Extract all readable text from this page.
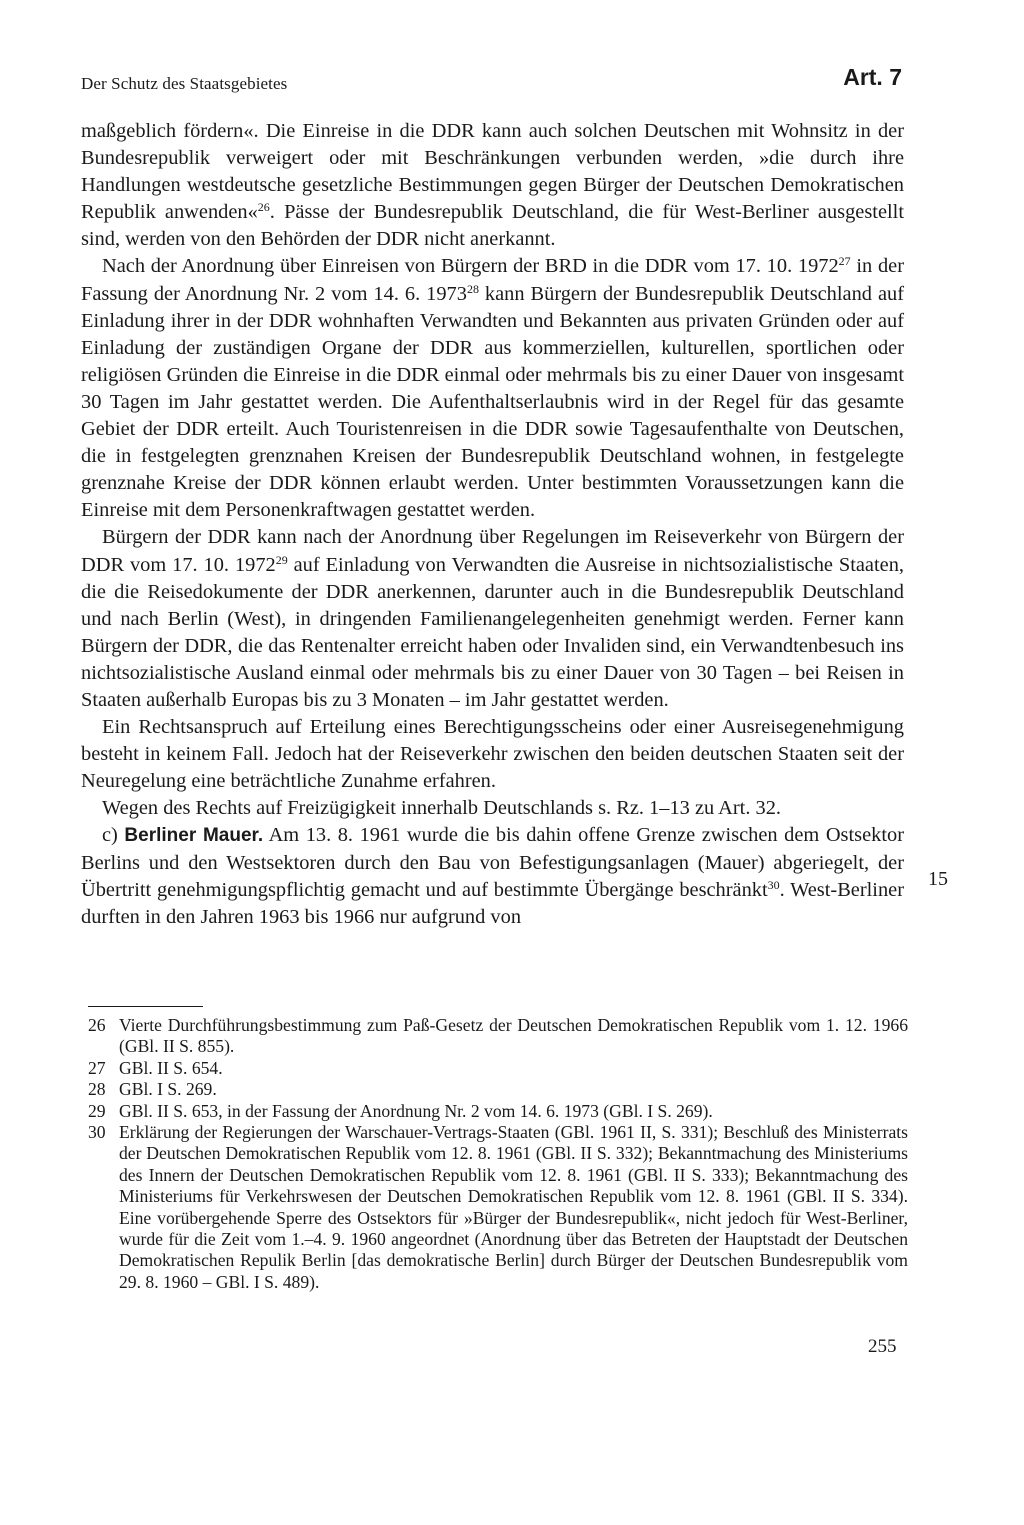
Der Schutz des Staatsgebietes	Art. 7

maßgeblich fördern«. Die Einreise in die DDR kann auch solchen Deutschen mit Wohnsitz in der Bundesrepublik verweigert oder mit Beschränkungen verbunden werden, »die durch ihre Handlungen westdeutsche gesetzliche Bestimmungen gegen Bürger der Deutschen Demokratischen Republik anwenden«$^{26}$. Pässe der Bundesrepublik Deutschland, die für West-Berliner ausgestellt sind, werden von den Behörden der DDR nicht anerkannt.

Nach der Anordnung über Einreisen von Bürgern der BRD in die DDR vom 17. 10. 1972$^{27}$ in der Fassung der Anordnung Nr. 2 vom 14. 6. 1973$^{28}$ kann Bürgern der Bundesrepublik Deutschland auf Einladung ihrer in der DDR wohnhaften Verwandten und Bekannten aus privaten Gründen oder auf Einladung der zuständigen Organe der DDR aus kommerziellen, kulturellen, sportlichen oder religiösen Gründen die Einreise in die DDR einmal oder mehrmals bis zu einer Dauer von insgesamt 30 Tagen im Jahr gestattet werden. Die Aufenthaltserlaubnis wird in der Regel für das gesamte Gebiet der DDR erteilt. Auch Touristenreisen in die DDR sowie Tagesaufenthalte von Deutschen, die in festgelegten grenznahen Kreisen der Bundesrepublik Deutschland wohnen, in festgelegte grenznahe Kreise der DDR können erlaubt werden. Unter bestimmten Voraussetzungen kann die Einreise mit dem Personenkraftwagen gestattet werden.

Bürgern der DDR kann nach der Anordnung über Regelungen im Reiseverkehr von Bürgern der DDR vom 17. 10. 1972$^{29}$ auf Einladung von Verwandten die Ausreise in nichtsozialistische Staaten, die die Reisedokumente der DDR anerkennen, darunter auch in die Bundesrepublik Deutschland und nach Berlin (West), in dringenden Familienangelegenheiten genehmigt werden. Ferner kann Bürgern der DDR, die das Rentenalter erreicht haben oder Invaliden sind, ein Verwandtenbesuch ins nichtsozialistische Ausland einmal oder mehrmals bis zu einer Dauer von 30 Tagen – bei Reisen in Staaten außerhalb Europas bis zu 3 Monaten – im Jahr gestattet werden.

Ein Rechtsanspruch auf Erteilung eines Berechtigungsscheins oder einer Ausreisegenehmigung besteht in keinem Fall. Jedoch hat der Reiseverkehr zwischen den beiden deutschen Staaten seit der Neuregelung eine beträchtliche Zunahme erfahren.

Wegen des Rechts auf Freizügigkeit innerhalb Deutschlands s. Rz. 1–13 zu Art. 32.

c) Berliner Mauer. Am 13. 8. 1961 wurde die bis dahin offene Grenze zwischen dem Ostsektor Berlins und den Westsektoren durch den Bau von Befestigungsanlagen (Mauer) abgeriegelt, der Übertritt genehmigungspflichtig gemacht und auf bestimmte Übergänge beschränkt$^{30}$. West-Berliner durften in den Jahren 1963 bis 1966 nur aufgrund von

15
26 Vierte Durchführungsbestimmung zum Paß-Gesetz der Deutschen Demokratischen Republik vom 1. 12. 1966 (GBl. II S. 855).
27 GBl. II S. 654.
28 GBl. I S. 269.
29 GBl. II S. 653, in der Fassung der Anordnung Nr. 2 vom 14. 6. 1973 (GBl. I S. 269).
30 Erklärung der Regierungen der Warschauer-Vertrags-Staaten (GBl. 1961 II, S. 331); Beschluß des Ministerrats der Deutschen Demokratischen Republik vom 12. 8. 1961 (GBl. II S. 332); Bekanntmachung des Ministeriums des Innern der Deutschen Demokratischen Republik vom 12. 8. 1961 (GBl. II S. 333); Bekanntmachung des Ministeriums für Verkehrswesen der Deutschen Demokratischen Republik vom 12. 8. 1961 (GBl. II S. 334). Eine vorübergehende Sperre des Ostsektors für »Bürger der Bundesrepublik«, nicht jedoch für West-Berliner, wurde für die Zeit vom 1.–4. 9. 1960 angeordnet (Anordnung über das Betreten der Hauptstadt der Deutschen Demokratischen Repulik Berlin [das demokratische Berlin] durch Bürger der Deutschen Bundesrepublik vom 29. 8. 1960 – GBl. I S. 489).
255
